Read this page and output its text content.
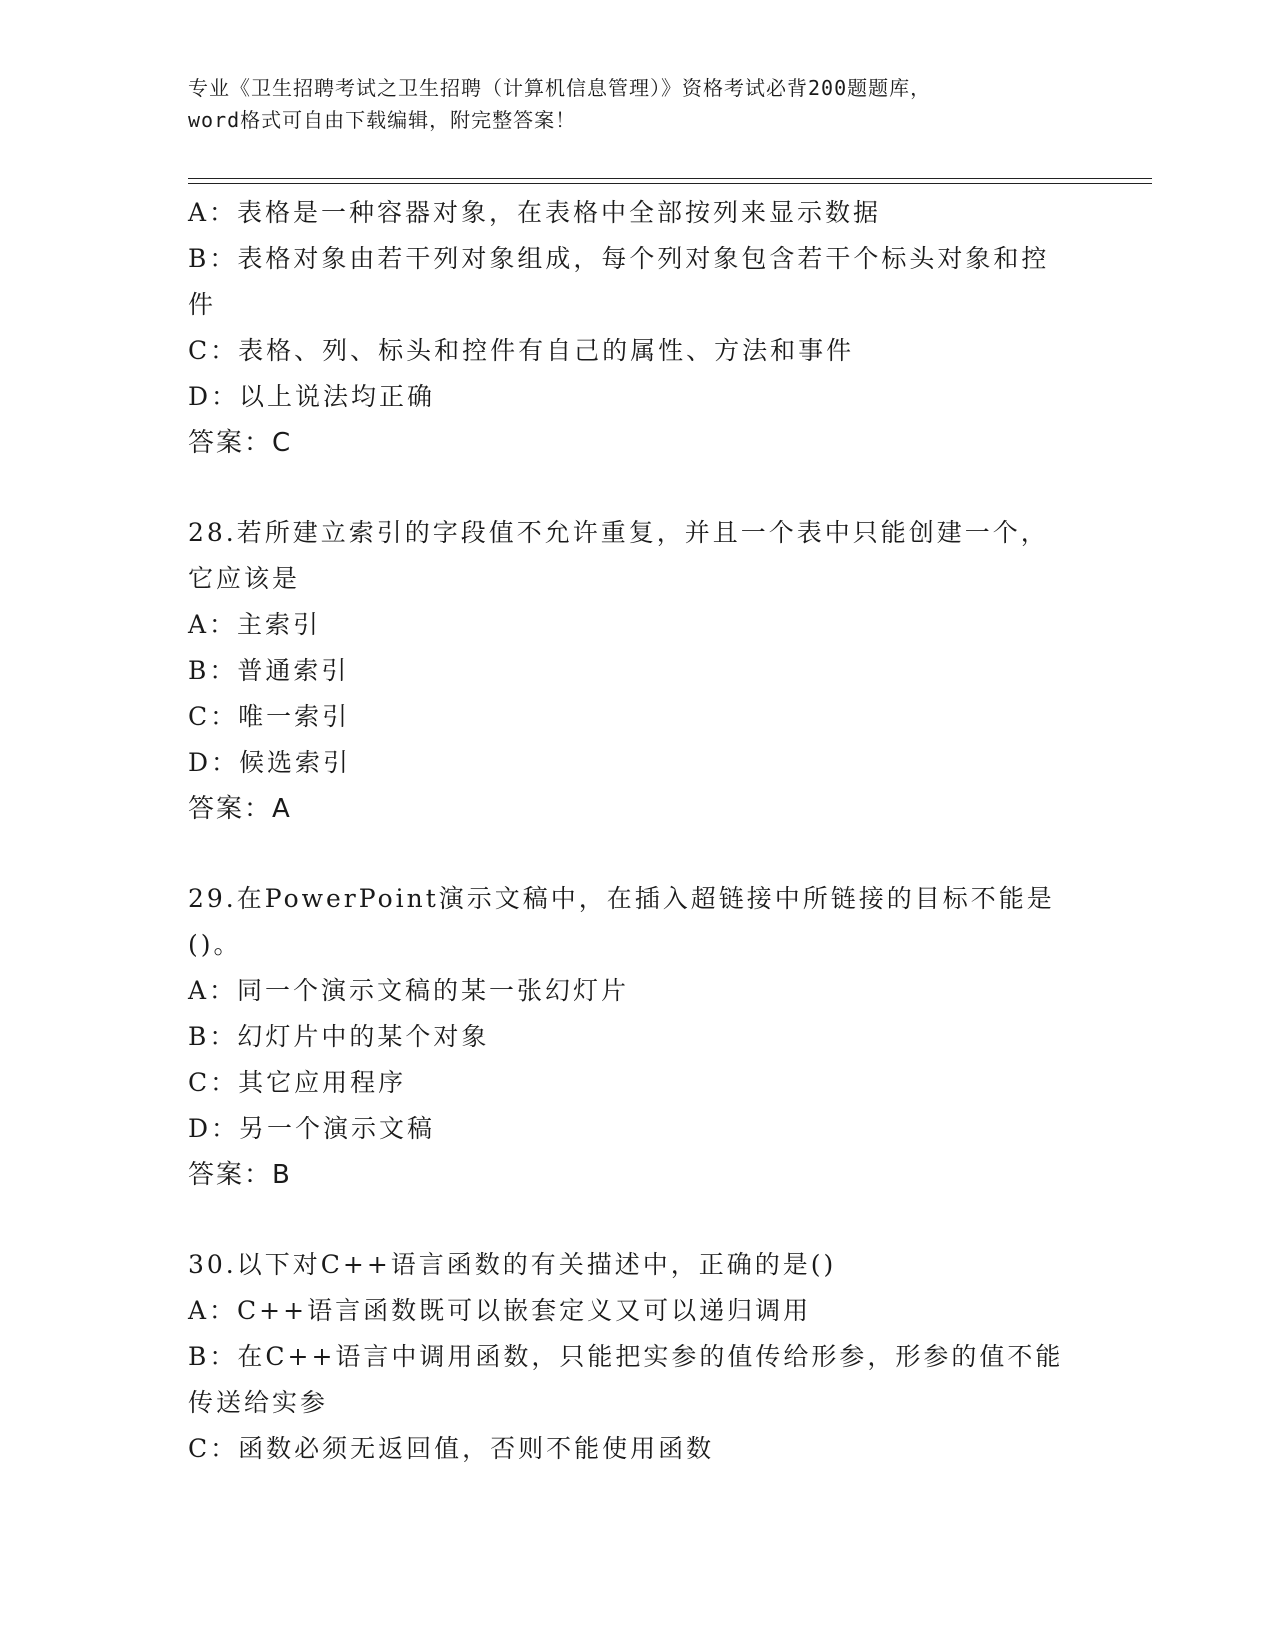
专业《卫生招聘考试之卫生招聘（计算机信息管理）》资格考试必背200题题库，
word格式可自由下载编辑，附完整答案！
A：表格是一种容器对象，在表格中全部按列来显示数据
B：表格对象由若干列对象组成，每个列对象包含若干个标头对象和控
件
C：表格、列、标头和控件有自己的属性、方法和事件
D：以上说法均正确
答案：C
28.若所建立索引的字段值不允许重复，并且一个表中只能创建一个，
它应该是
A：主索引
B：普通索引
C：唯一索引
D：候选索引
答案：A
29.在PowerPoint演示文稿中，在插入超链接中所链接的目标不能是
()。
A：同一个演示文稿的某一张幻灯片
B：幻灯片中的某个对象
C：其它应用程序
D：另一个演示文稿
答案：B
30.以下对C++语言函数的有关描述中，正确的是()
A：C++语言函数既可以嵌套定义又可以递归调用
B：在C++语言中调用函数，只能把实参的值传给形参，形参的值不能
传送给实参
C：函数必须无返回值，否则不能使用函数
